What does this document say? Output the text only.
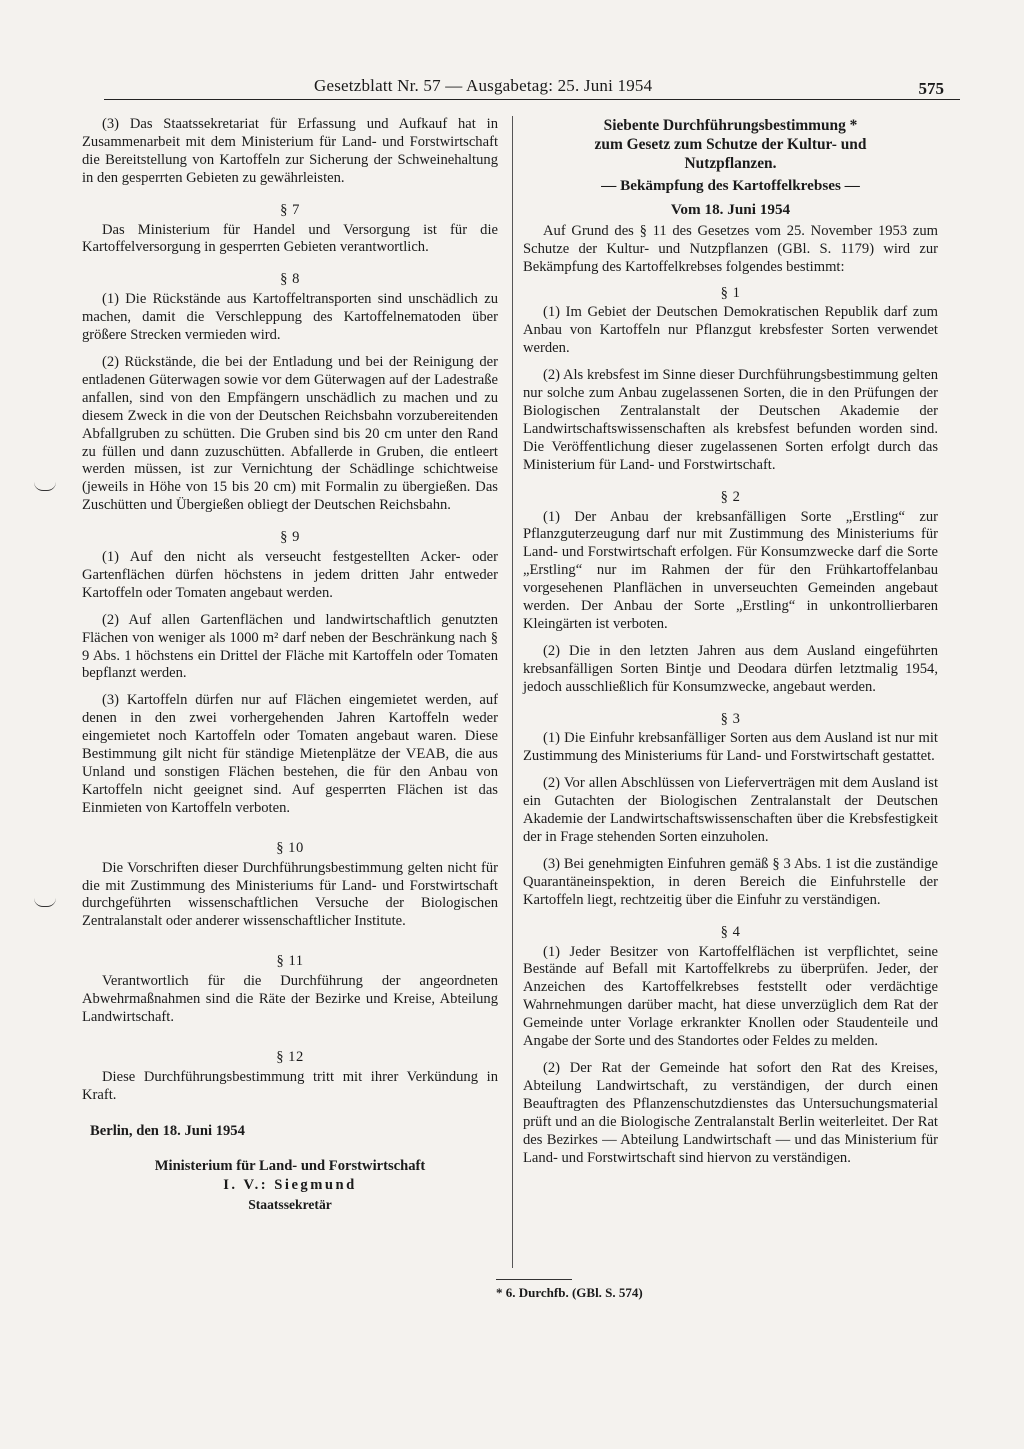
Gesetzblatt Nr. 57 — Ausgabetag: 25. Juni 1954	575

(3) Das Staatssekretariat für Erfassung und Aufkauf hat in Zusammenarbeit mit dem Ministerium für Land- und Forstwirtschaft die Bereitstellung von Kartoffeln zur Sicherung der Schweinehaltung in den gesperrten Gebieten zu gewährleisten.

§ 7

Das Ministerium für Handel und Versorgung ist für die Kartoffelversorgung in gesperrten Gebieten verantwortlich.

§ 8

(1) Die Rückstände aus Kartoffeltransporten sind unschädlich zu machen, damit die Verschleppung des Kartoffelnematoden über größere Strecken vermieden wird.

(2) Rückstände, die bei der Entladung und bei der Reinigung der entladenen Güterwagen sowie vor dem Güterwagen auf der Ladestraße anfallen, sind von den Empfängern unschädlich zu machen und zu diesem Zweck in die von der Deutschen Reichsbahn vorzubereitenden Abfallgruben zu schütten. Die Gruben sind bis 20 cm unter den Rand zu füllen und dann zuzuschütten. Abfallerde in Gruben, die entleert werden müssen, ist zur Vernichtung der Schädlinge schichtweise (jeweils in Höhe von 15 bis 20 cm) mit Formalin zu übergießen. Das Zuschütten und Übergießen obliegt der Deutschen Reichsbahn.

§ 9

(1) Auf den nicht als verseucht festgestellten Acker- oder Gartenflächen dürfen höchstens in jedem dritten Jahr entweder Kartoffeln oder Tomaten angebaut werden.

(2) Auf allen Gartenflächen und landwirtschaftlich genutzten Flächen von weniger als 1000 m² darf neben der Beschränkung nach § 9 Abs. 1 höchstens ein Drittel der Fläche mit Kartoffeln oder Tomaten bepflanzt werden.

(3) Kartoffeln dürfen nur auf Flächen eingemietet werden, auf denen in den zwei vorhergehenden Jahren Kartoffeln weder eingemietet noch Kartoffeln oder Tomaten angebaut waren. Diese Bestimmung gilt nicht für ständige Mietenplätze der VEAB, die aus Unland und sonstigen Flächen bestehen, die für den Anbau von Kartoffeln nicht geeignet sind. Auf gesperrten Flächen ist das Einmieten von Kartoffeln verboten.

§ 10

Die Vorschriften dieser Durchführungsbestimmung gelten nicht für die mit Zustimmung des Ministeriums für Land- und Forstwirtschaft durchgeführten wissenschaftlichen Versuche der Biologischen Zentralanstalt oder anderer wissenschaftlicher Institute.

§ 11

Verantwortlich für die Durchführung der angeordneten Abwehrmaßnahmen sind die Räte der Bezirke und Kreise, Abteilung Landwirtschaft.

§ 12

Diese Durchführungsbestimmung tritt mit ihrer Verkündung in Kraft.

Berlin, den 18. Juni 1954

Ministerium für Land- und Forstwirtschaft
I. V.: Siegmund
Staatssekretär
Siebente Durchführungsbestimmung *
zum Gesetz zum Schutze der Kultur- und Nutzpflanzen.
— Bekämpfung des Kartoffelkrebses —
Vom 18. Juni 1954

Auf Grund des § 11 des Gesetzes vom 25. November 1953 zum Schutze der Kultur- und Nutzpflanzen (GBl. S. 1179) wird zur Bekämpfung des Kartoffelkrebses folgendes bestimmt:

§ 1

(1) Im Gebiet der Deutschen Demokratischen Republik darf zum Anbau von Kartoffeln nur Pflanzgut krebsfester Sorten verwendet werden.

(2) Als krebsfest im Sinne dieser Durchführungsbestimmung gelten nur solche zum Anbau zugelassenen Sorten, die in den Prüfungen der Biologischen Zentralanstalt der Deutschen Akademie der Landwirtschaftswissenschaften als krebsfest befunden worden sind. Die Veröffentlichung dieser zugelassenen Sorten erfolgt durch das Ministerium für Land- und Forstwirtschaft.

§ 2

(1) Der Anbau der krebsanfälligen Sorte „Erstling“ zur Pflanzguterzeugung darf nur mit Zustimmung des Ministeriums für Land- und Forstwirtschaft erfolgen. Für Konsumzwecke darf die Sorte „Erstling“ nur im Rahmen der für den Frühkartoffelanbau vorgesehenen Planflächen in unverseuchten Gemeinden angebaut werden. Der Anbau der Sorte „Erstling“ in unkontrollierbaren Kleingärten ist verboten.

(2) Die in den letzten Jahren aus dem Ausland eingeführten krebsanfälligen Sorten Bintje und Deodara dürfen letztmalig 1954, jedoch ausschließlich für Konsumzwecke, angebaut werden.

§ 3

(1) Die Einfuhr krebsanfälliger Sorten aus dem Ausland ist nur mit Zustimmung des Ministeriums für Land- und Forstwirtschaft gestattet.

(2) Vor allen Abschlüssen von Lieferverträgen mit dem Ausland ist ein Gutachten der Biologischen Zentralanstalt der Deutschen Akademie der Landwirtschaftswissenschaften über die Krebsfestigkeit der in Frage stehenden Sorten einzuholen.

(3) Bei genehmigten Einfuhren gemäß § 3 Abs. 1 ist die zuständige Quarantäneinspektion, in deren Bereich die Einfuhrstelle der Kartoffeln liegt, rechtzeitig über die Einfuhr zu verständigen.

§ 4

(1) Jeder Besitzer von Kartoffelflächen ist verpflichtet, seine Bestände auf Befall mit Kartoffelkrebs zu überprüfen. Jeder, der Anzeichen des Kartoffelkrebses feststellt oder verdächtige Wahrnehmungen darüber macht, hat diese unverzüglich dem Rat der Gemeinde unter Vorlage erkrankter Knollen oder Staudenteile und Angabe der Sorte und des Standortes oder Feldes zu melden.

(2) Der Rat der Gemeinde hat sofort den Rat des Kreises, Abteilung Landwirtschaft, zu verständigen, der durch einen Beauftragten des Pflanzenschutzdienstes das Untersuchungsmaterial prüft und an die Biologische Zentralanstalt Berlin weiterleitet. Der Rat des Bezirkes — Abteilung Landwirtschaft — und das Ministerium für Land- und Forstwirtschaft sind hiervon zu verständigen.

* 6. Durchfb. (GBl. S. 574)
